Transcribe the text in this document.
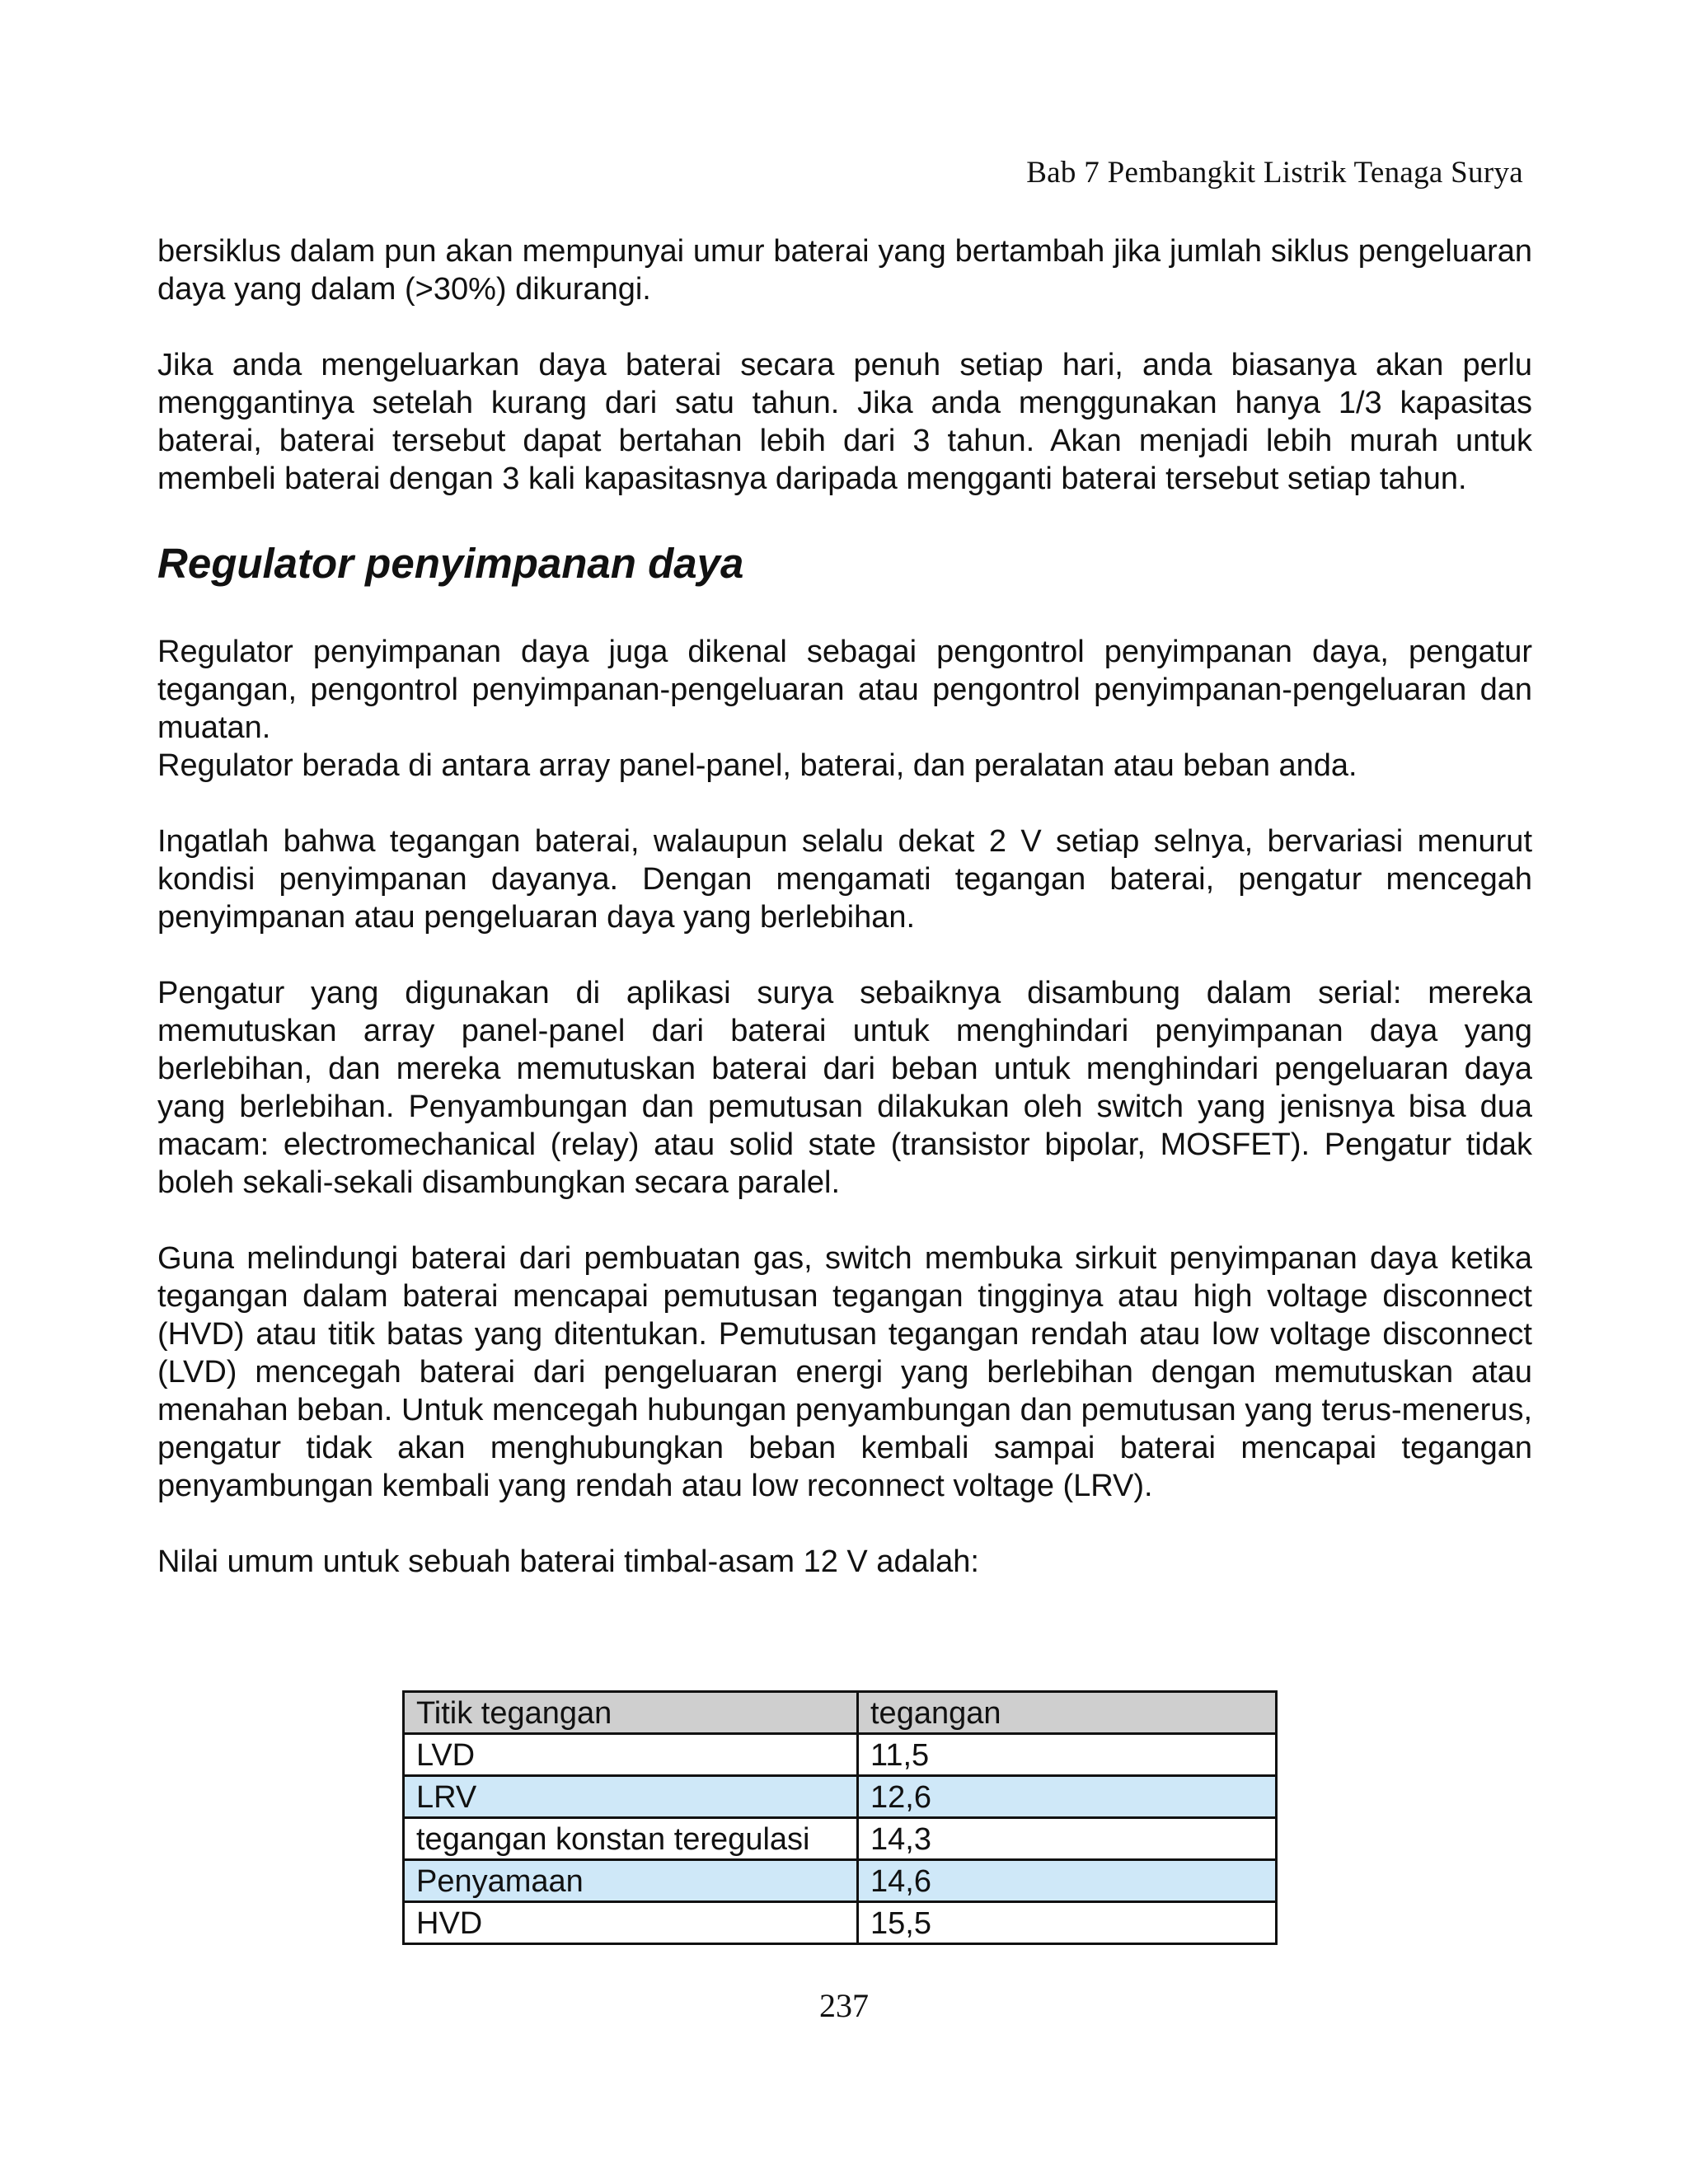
Bab 7 Pembangkit Listrik Tenaga Surya

bersiklus dalam pun akan mempunyai umur baterai yang bertambah jika jumlah siklus pengeluaran daya yang dalam (>30%) dikurangi.

Jika anda mengeluarkan daya baterai secara penuh setiap hari, anda biasanya akan perlu menggantinya setelah kurang dari satu tahun. Jika anda menggunakan hanya 1/3 kapasitas baterai, baterai tersebut dapat bertahan lebih dari 3 tahun. Akan menjadi lebih murah untuk membeli baterai dengan 3 kali kapasitasnya daripada mengganti baterai tersebut setiap tahun.

Regulator penyimpanan daya

Regulator penyimpanan daya juga dikenal sebagai pengontrol penyimpanan daya, pengatur tegangan, pengontrol penyimpanan-pengeluaran atau pengontrol penyimpanan-pengeluaran dan muatan.

Regulator berada di antara array panel-panel, baterai, dan peralatan atau beban anda.

Ingatlah bahwa tegangan baterai, walaupun selalu dekat 2 V setiap selnya, bervariasi menurut kondisi penyimpanan dayanya. Dengan mengamati tegangan baterai, pengatur mencegah penyimpanan atau pengeluaran daya yang berlebihan.

Pengatur yang digunakan di aplikasi surya sebaiknya disambung dalam serial: mereka memutuskan array panel-panel dari baterai untuk menghindari penyimpanan daya yang berlebihan, dan mereka memutuskan baterai dari beban untuk menghindari pengeluaran daya yang berlebihan. Penyambungan dan pemutusan dilakukan oleh switch yang jenisnya bisa dua macam: electromechanical (relay) atau solid state (transistor bipolar, MOSFET). Pengatur tidak boleh sekali-sekali disambungkan secara paralel.

Guna melindungi baterai dari pembuatan gas, switch membuka sirkuit penyimpanan daya ketika tegangan dalam baterai mencapai pemutusan tegangan tingginya atau high voltage disconnect (HVD) atau titik batas yang ditentukan. Pemutusan tegangan rendah atau low voltage disconnect (LVD) mencegah baterai dari pengeluaran energi yang berlebihan dengan memutuskan atau menahan beban. Untuk mencegah hubungan penyambungan dan pemutusan yang terus-menerus, pengatur tidak akan menghubungkan beban kembali sampai baterai mencapai tegangan penyambungan kembali yang rendah atau low reconnect voltage (LRV).

Nilai umum untuk sebuah baterai timbal-asam 12 V adalah:

Titik tegangan	tegangan
LVD	11,5
LRV	12,6
tegangan konstan teregulasi	14,3
Penyamaan	14,6
HVD	15,5
237
